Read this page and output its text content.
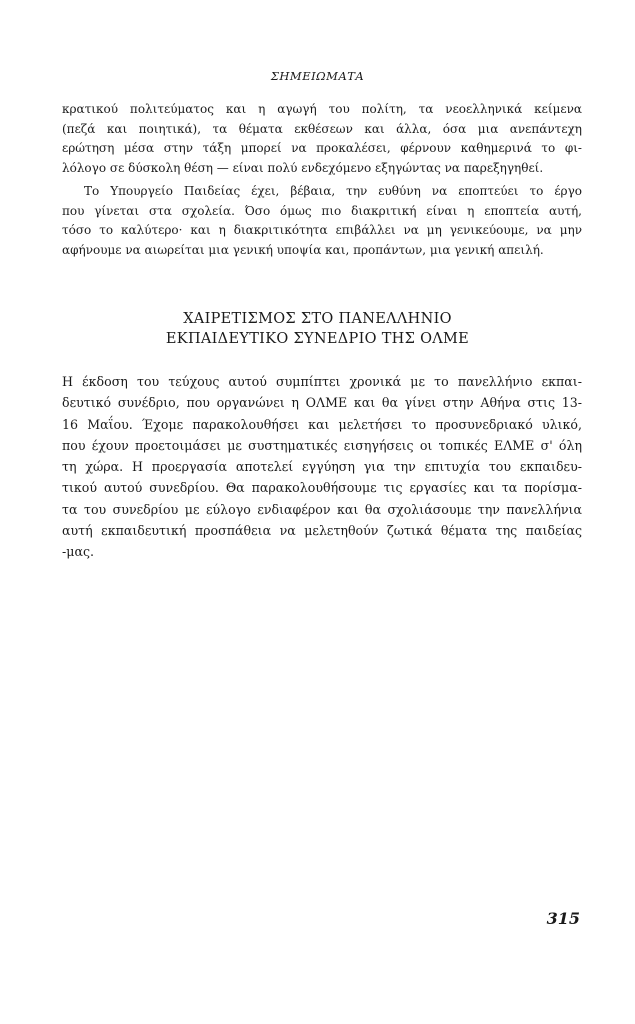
ΣΗΜΕΙΩΜΑΤΑ
κρατικού πολιτεύματος και η αγωγή του πολίτη, τα νεοελληνικά κείμενα
(πεζά και ποιητικά), τα θέματα εκθέσεων και άλλα, όσα μια ανεπάντεχη
ερώτηση μέσα στην τάξη μπορεί να προκαλέσει, φέρνουν καθημερινά το φι-
λόλογο σε δύσκολη θέση — είναι πολύ ενδεχόμενο εξηγώντας να παρεξηγηθεί.
Το Υπουργείο Παιδείας έχει, βέβαια, την ευθύνη να εποπτεύει το έργο
που γίνεται στα σχολεία. Όσο όμως πιο διακριτική είναι η εποπτεία αυτή,
τόσο το καλύτερο· και η διακριτικότητα επιβάλλει να μη γενικεύουμε, να μην
αφήνουμε να αιωρείται μια γενική υποψία και, προπάντων, μια γενική απειλή.
ΧΑΙΡΕΤΙΣΜΟΣ ΣΤΟ ΠΑΝΕΛΛΗΝΙΟ
ΕΚΠΑΙΔΕΥΤΙΚΟ ΣΥΝΕΔΡΙΟ ΤΗΣ ΟΛΜΕ
Η έκδοση του τεύχους αυτού συμπίπτει χρονικά με το πανελλήνιο εκπαι-
δευτικό συνέδριο, που οργανώνει η ΟΛΜΕ και θα γίνει στην Αθήνα στις 13-
16 Μαΐου. Έχομε παρακολουθήσει και μελετήσει το προσυνεδριακό υλικό,
που έχουν προετοιμάσει με συστηματικές εισηγήσεις οι τοπικές ΕΛΜΕ σ' όλη
τη χώρα. Η προεργασία αποτελεί εγγύηση για την επιτυχία του εκπαιδευ-
τικού αυτού συνεδρίου. Θα παρακολουθήσουμε τις εργασίες και τα πορίσμα-
τα του συνεδρίου με εύλογο ενδιαφέρον και θα σχολιάσουμε την πανελλήνια
αυτή εκπαιδευτική προσπάθεια να μελετηθούν ζωτικά θέματα της παιδείας
-μας.
315
